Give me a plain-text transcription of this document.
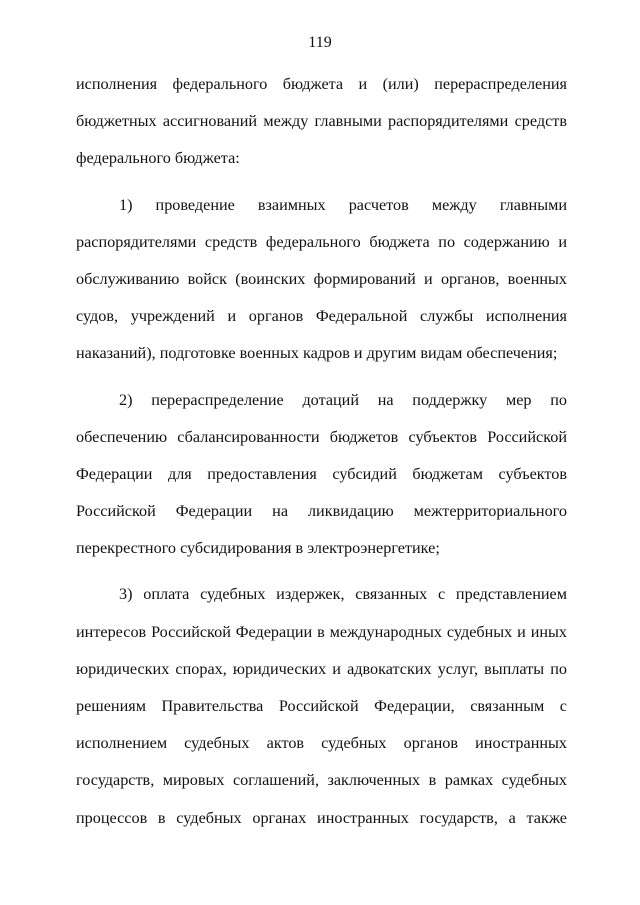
119
исполнения федерального бюджета и (или) перераспределения
бюджетных ассигнований между главными распорядителями средств
федерального бюджета:
1) проведение взаимных расчетов между главными
распорядителями средств федерального бюджета по содержанию и
обслуживанию войск (воинских формирований и органов, военных
судов, учреждений и органов Федеральной службы исполнения
наказаний), подготовке военных кадров и другим видам обеспечения;
2) перераспределение дотаций на поддержку мер по
обеспечению сбалансированности бюджетов субъектов Российской
Федерации для предоставления субсидий бюджетам субъектов
Российской Федерации на ликвидацию межтерриториального
перекрестного субсидирования в электроэнергетике;
3) оплата судебных издержек, связанных с представлением
интересов Российской Федерации в международных судебных и иных
юридических спорах, юридических и адвокатских услуг, выплаты по
решениям Правительства Российской Федерации, связанным с
исполнением судебных актов судебных органов иностранных
государств, мировых соглашений, заключенных в рамках судебных
процессов в судебных органах иностранных государств, а также
